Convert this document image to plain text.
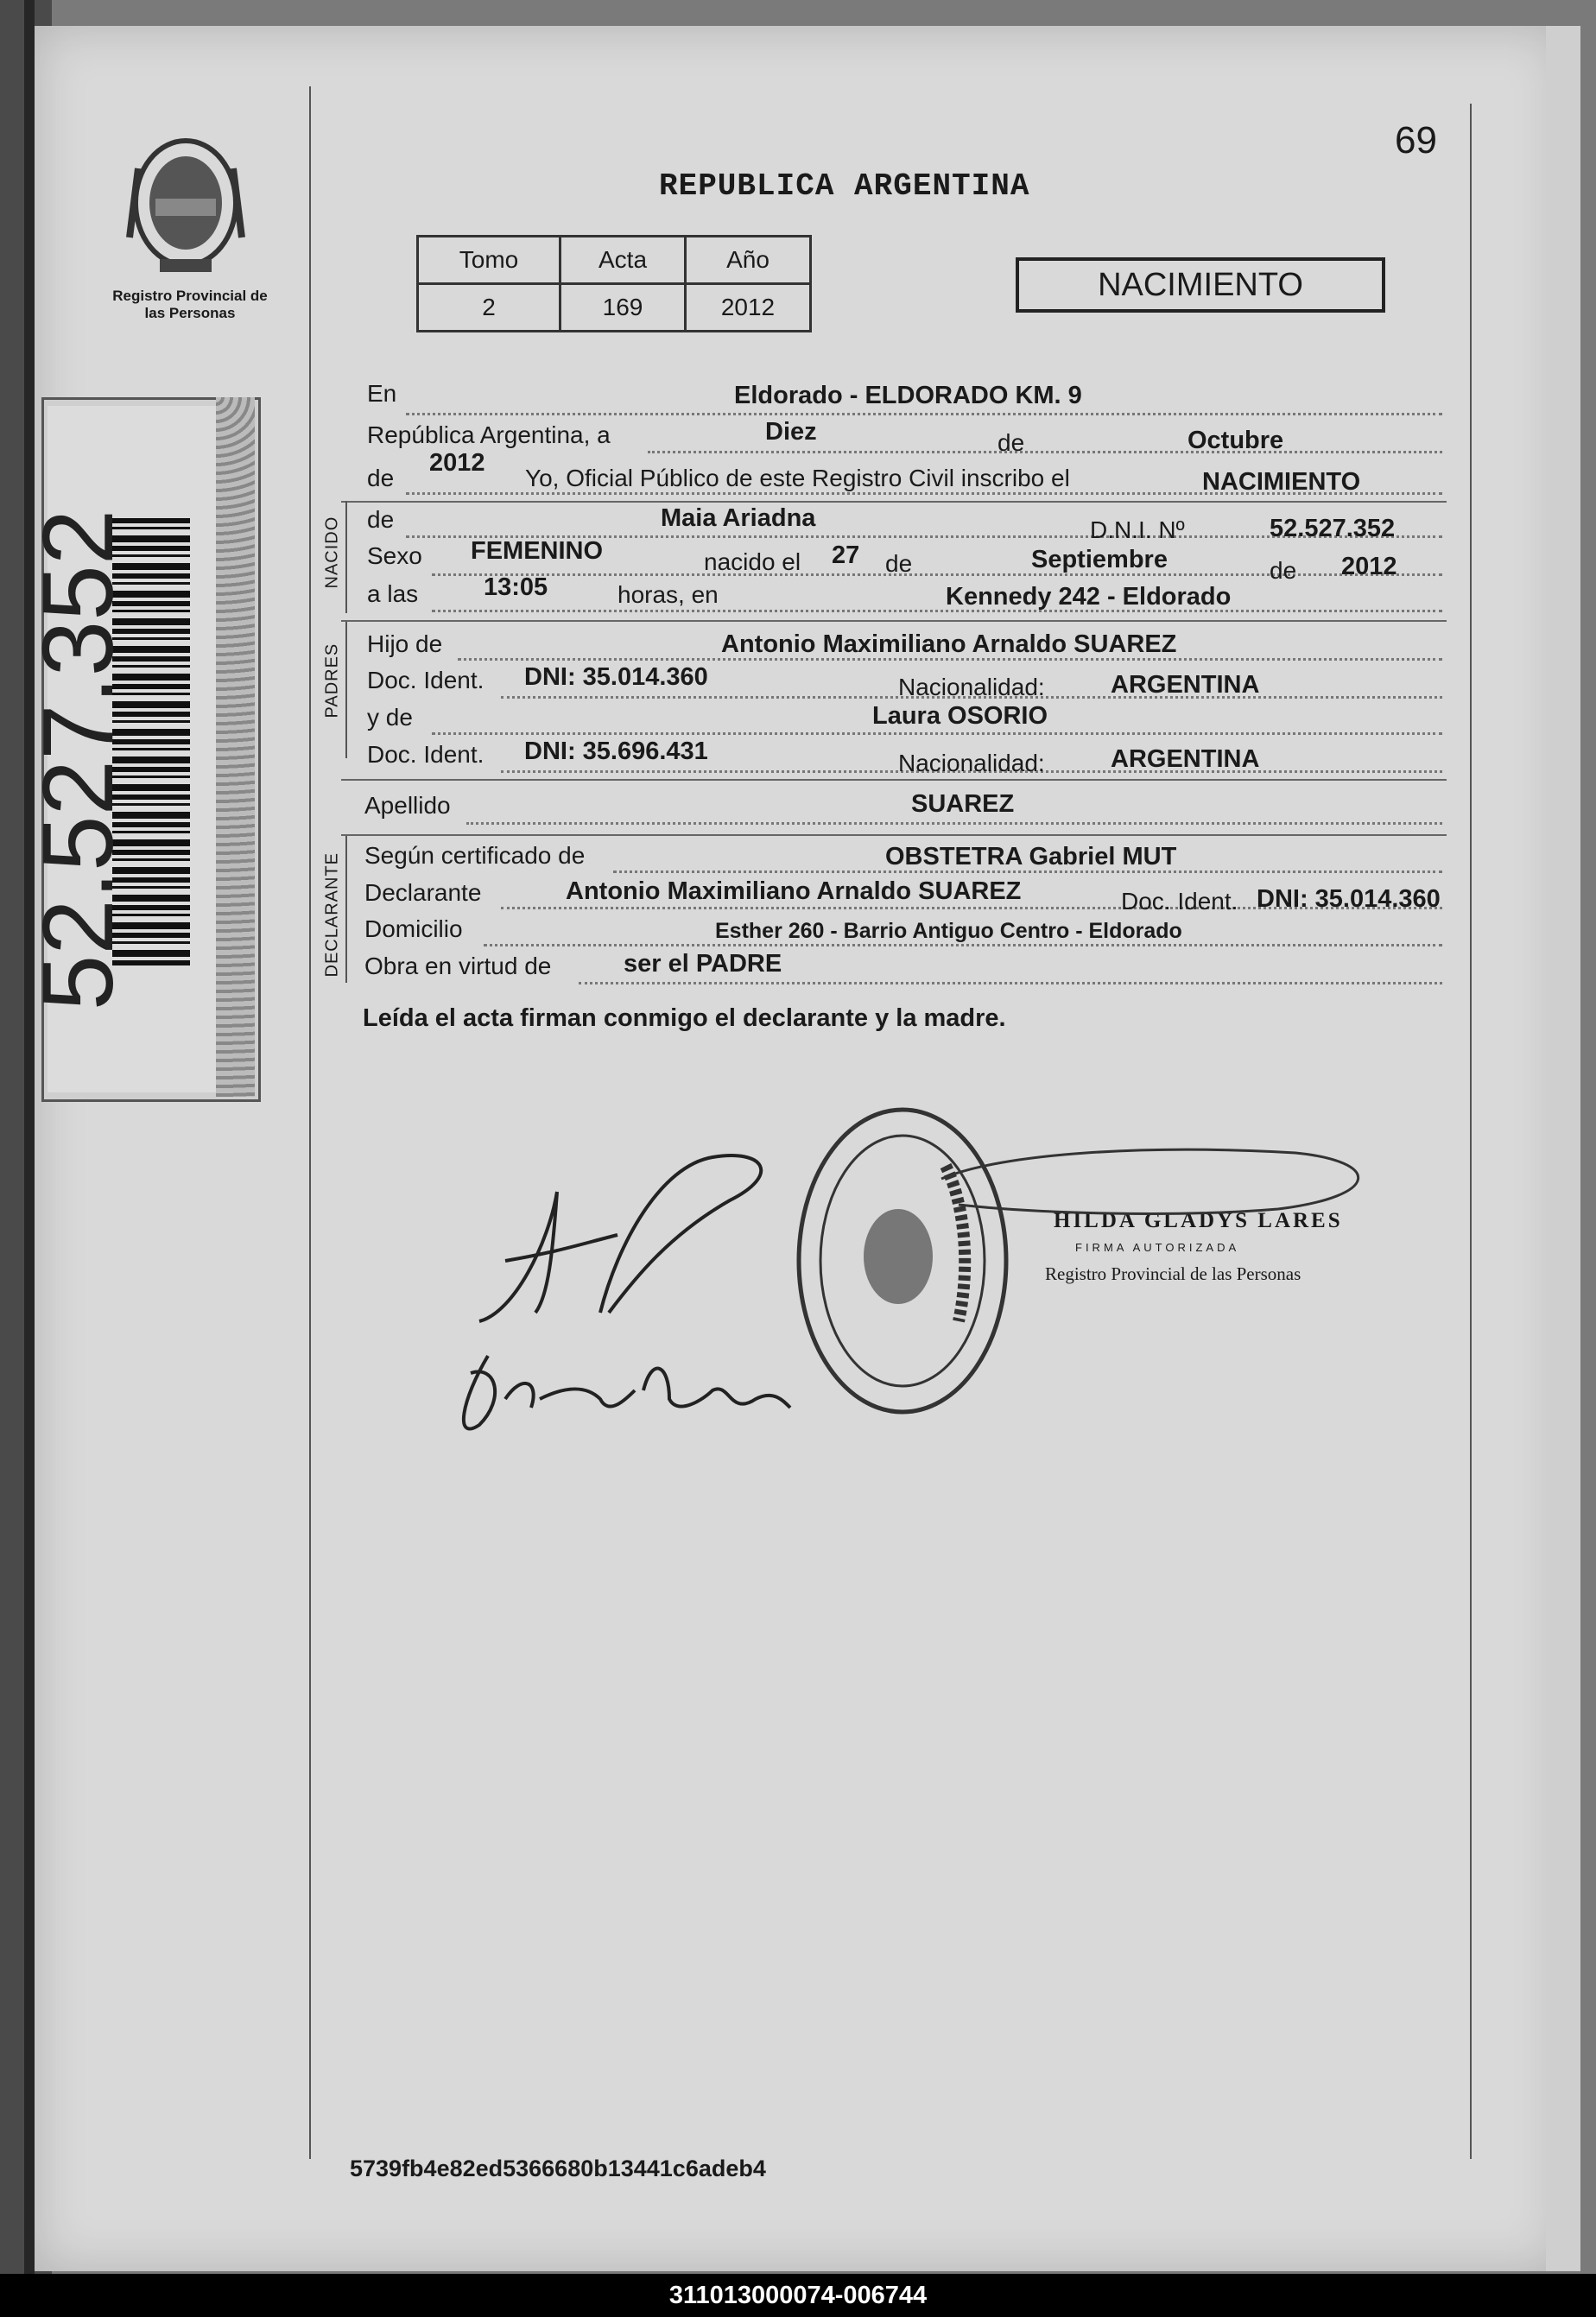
Registro Provincial de las Personas
52.527.352
69
REPUBLICA ARGENTINA
Tomo	Acta	Año
2	169	2012
NACIMIENTO
En	Eldorado - ELDORADO KM. 9
República Argentina, a	Diez	de	Octubre
de
2012
Yo, Oficial Público de este Registro Civil inscribo el	NACIMIENTO
NACIDO de	Maia Ariadna	D.N.I. Nº	52.527.352
Sexo FEMENINO	nacido el 27 de	Septiembre	de 2012
a las	13:05	horas, en	Kennedy 242 - Eldorado
PADRES Hijo de	Antonio Maximiliano Arnaldo SUAREZ
Doc. Ident. DNI: 35.014.360	Nacionalidad:	ARGENTINA
y de	Laura OSORIO
Doc. Ident. DNI: 35.696.431	Nacionalidad:	ARGENTINA
Apellido	SUAREZ
DECLARANTE Según certificado de	OBSTETRA Gabriel MUT
Declarante	Antonio Maximiliano Arnaldo SUAREZ	Doc. Ident. DNI: 35.014.360
Domicilio	Esther 260 - Barrio Antiguo Centro - Eldorado
Obra en virtud de	ser el PADRE
Leída el acta firman conmigo el declarante y la madre.
HILDA GLADYS LARES
FIRMA AUTORIZADA
Registro Provincial de las Personas
5739fb4e82ed5366680b13441c6adeb4
311013000074-006744
